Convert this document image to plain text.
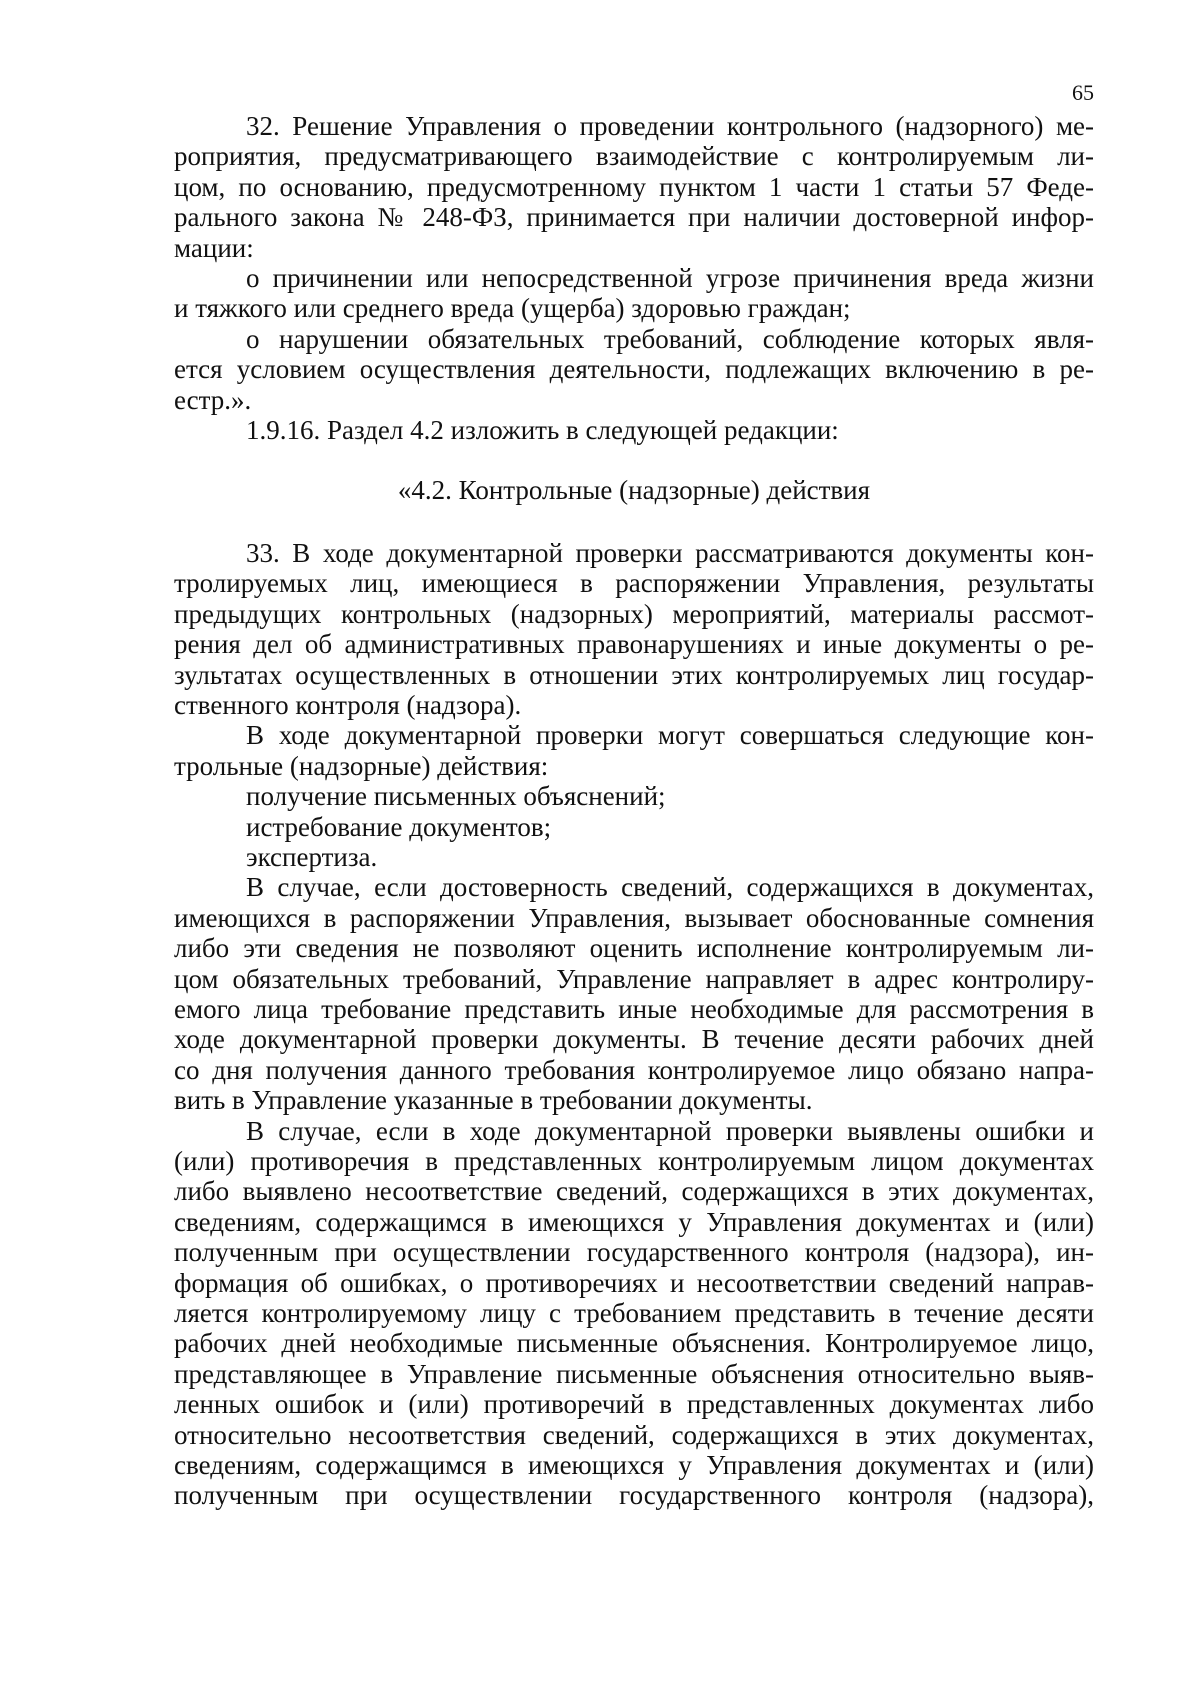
65
32. Решение Управления о проведении контрольного (надзорного) ме-
роприятия, предусматривающего взаимодействие с контролируемым ли-
цом, по основанию, предусмотренному пунктом 1 части 1 статьи 57 Феде-
рального закона № 248-ФЗ, принимается при наличии достоверной инфор-
мации:
о причинении или непосредственной угрозе причинения вреда жизни
и тяжкого или среднего вреда (ущерба) здоровью граждан;
о нарушении обязательных требований, соблюдение которых явля-
ется условием осуществления деятельности, подлежащих включению в ре-
естр.».
1.9.16. Раздел 4.2 изложить в следующей редакции:
«4.2. Контрольные (надзорные) действия
33. В ходе документарной проверки рассматриваются документы кон-
тролируемых лиц, имеющиеся в распоряжении Управления, результаты
предыдущих контрольных (надзорных) мероприятий, материалы рассмот-
рения дел об административных правонарушениях и иные документы о ре-
зультатах осуществленных в отношении этих контролируемых лиц государ-
ственного контроля (надзора).
В ходе документарной проверки могут совершаться следующие кон-
трольные (надзорные) действия:
получение письменных объяснений;
истребование документов;
экспертиза.
В случае, если достоверность сведений, содержащихся в документах,
имеющихся в распоряжении Управления, вызывает обоснованные сомнения
либо эти сведения не позволяют оценить исполнение контролируемым ли-
цом обязательных требований, Управление направляет в адрес контролиру-
емого лица требование представить иные необходимые для рассмотрения в
ходе документарной проверки документы. В течение десяти рабочих дней
со дня получения данного требования контролируемое лицо обязано напра-
вить в Управление указанные в требовании документы.
В случае, если в ходе документарной проверки выявлены ошибки и
(или) противоречия в представленных контролируемым лицом документах
либо выявлено несоответствие сведений, содержащихся в этих документах,
сведениям, содержащимся в имеющихся у Управления документах и (или)
полученным при осуществлении государственного контроля (надзора), ин-
формация об ошибках, о противоречиях и несоответствии сведений направ-
ляется контролируемому лицу с требованием представить в течение десяти
рабочих дней необходимые письменные объяснения. Контролируемое лицо,
представляющее в Управление письменные объяснения относительно выяв-
ленных ошибок и (или) противоречий в представленных документах либо
относительно несоответствия сведений, содержащихся в этих документах,
сведениям, содержащимся в имеющихся у Управления документах и (или)
полученным при осуществлении государственного контроля (надзора),
